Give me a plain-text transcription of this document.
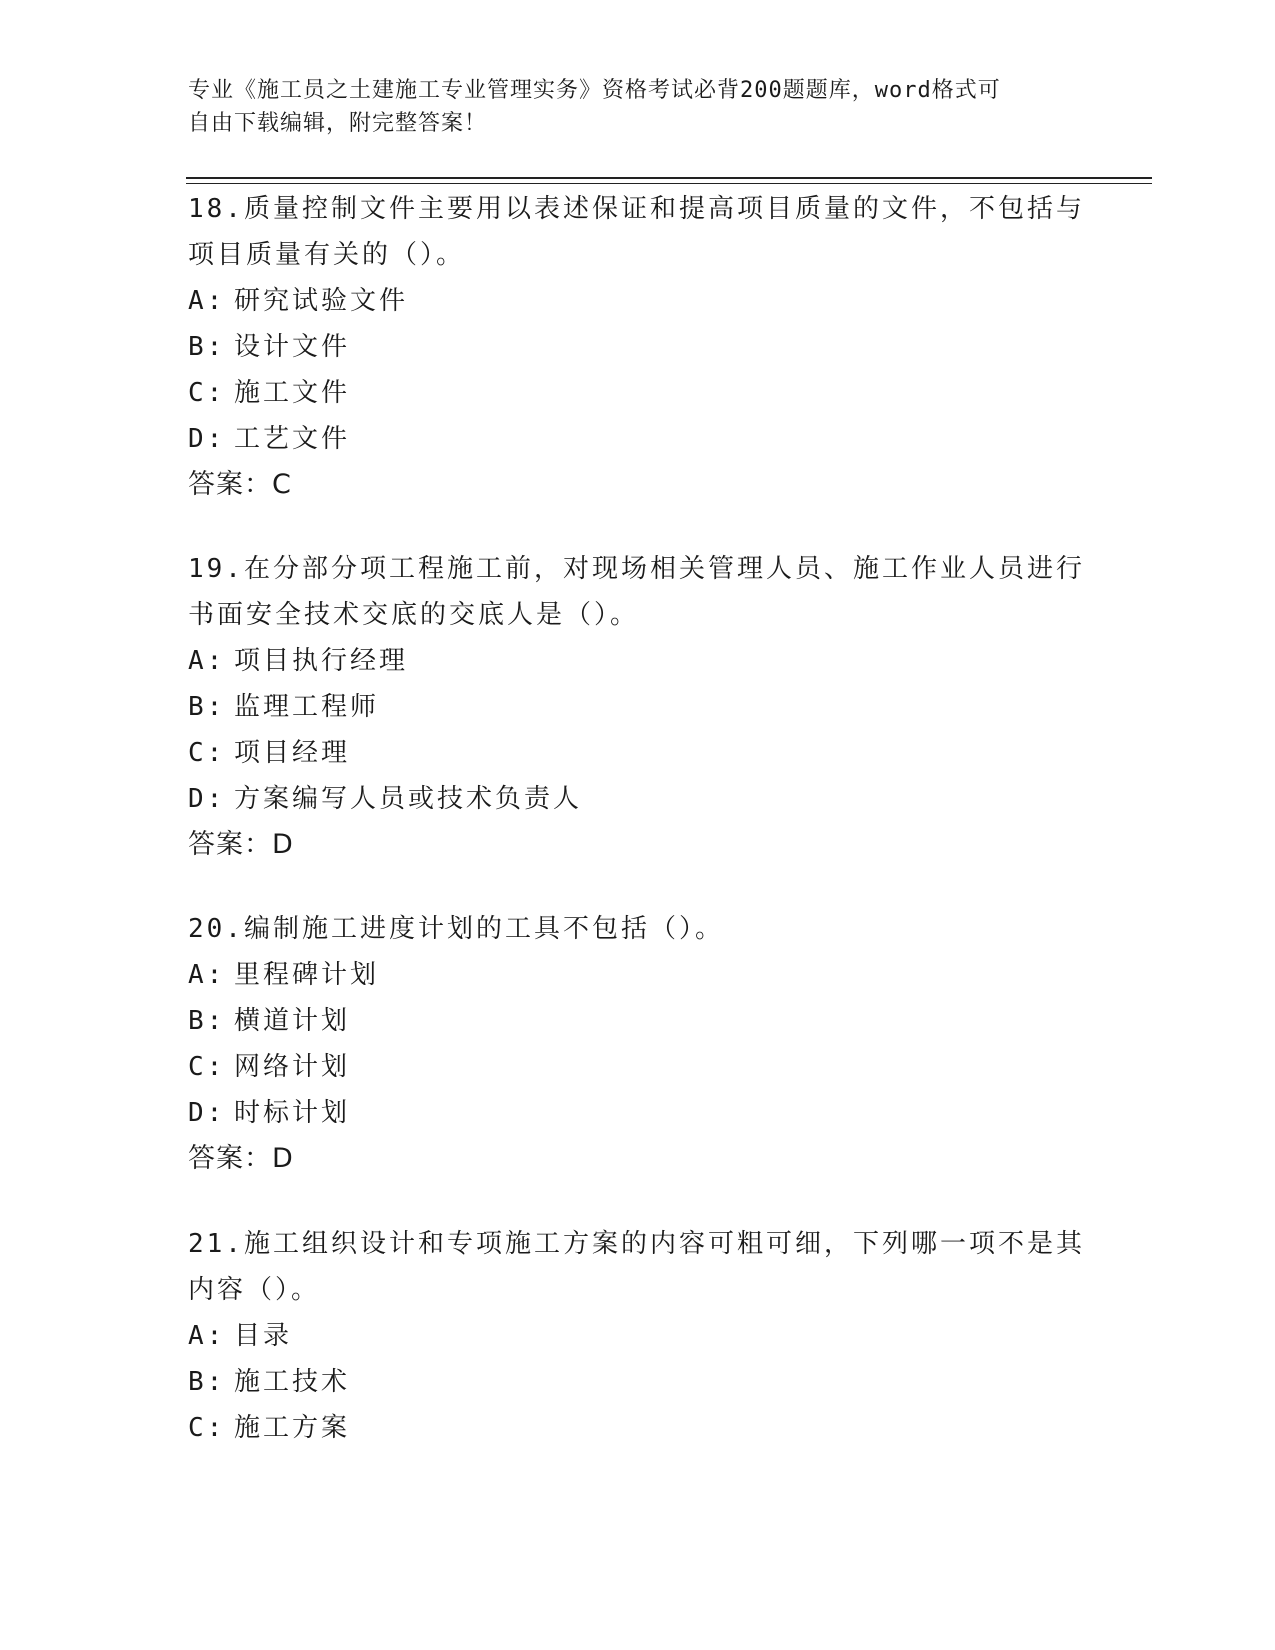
专业《施工员之土建施工专业管理实务》资格考试必背200题题库，word格式可
自由下载编辑，附完整答案！

18.质量控制文件主要用以表述保证和提高项目质量的文件，不包括与

项目质量有关的（）。

A: 研究试验文件

B: 设计文件

C: 施工文件

D: 工艺文件

答案：C

19.在分部分项工程施工前，对现场相关管理人员、施工作业人员进行

书面安全技术交底的交底人是（）。

A: 项目执行经理

B: 监理工程师

C: 项目经理

D: 方案编写人员或技术负责人

答案：D

20.编制施工进度计划的工具不包括（）。

A: 里程碑计划

B: 横道计划

C: 网络计划

D: 时标计划

答案：D

21.施工组织设计和专项施工方案的内容可粗可细，下列哪一项不是其

内容（）。

A: 目录

B: 施工技术

C: 施工方案
